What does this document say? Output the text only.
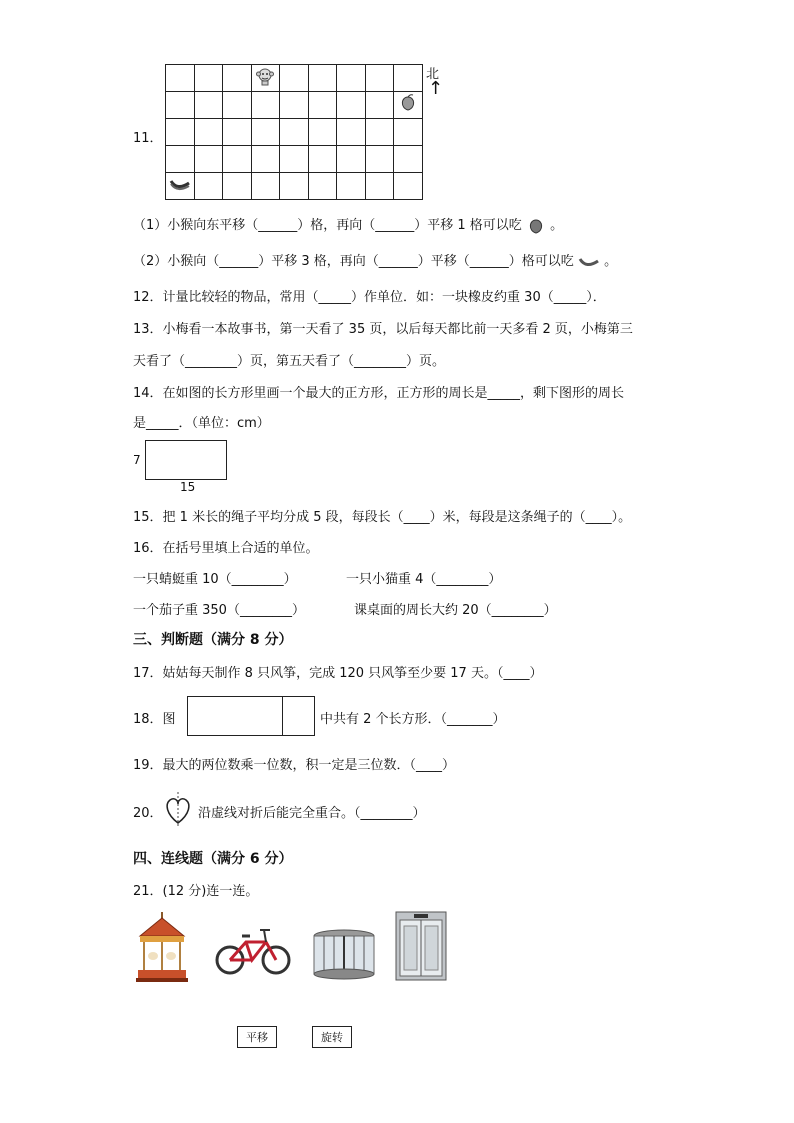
11．
北
↑
（1）小猴向东平移（______）格，再向（______）平移 1 格可以吃 。
（2）小猴向（______）平移 3 格，再向（______）平移（______）格可以吃 。
12．计量比较轻的物品，常用（_____）作单位．如：一块橡皮约重 30（_____）．
13．小梅看一本故事书，第一天看了 35 页，以后每天都比前一天多看 2 页，小梅第三
天看了（________）页，第五天看了（________）页。
14．在如图的长方形里画一个最大的正方形，正方形的周长是_____，剩下图形的周长
是_____．（单位：cm）
7
15
15．把 1 米长的绳子平均分成 5 段，每段长（____）米，每段是这条绳子的（____）。
16．在括号里填上合适的单位。
一只蜻蜓重 10（________）	一只小猫重 4（________）
一个茄子重 350（________）	课桌面的周长大约 20（________）
三、判断题（满分 8 分）
17．姑姑每天制作 8 只风筝，完成 120 只风筝至少要 17 天。（____）
18．图	中共有 2 个长方形．（_______）
19．最大的两位数乘一位数，积一定是三位数．（____）
20．	沿虚线对折后能完全重合。（________）
四、连线题（满分 6 分）
21．(12 分)连一连。
平移	旋转
